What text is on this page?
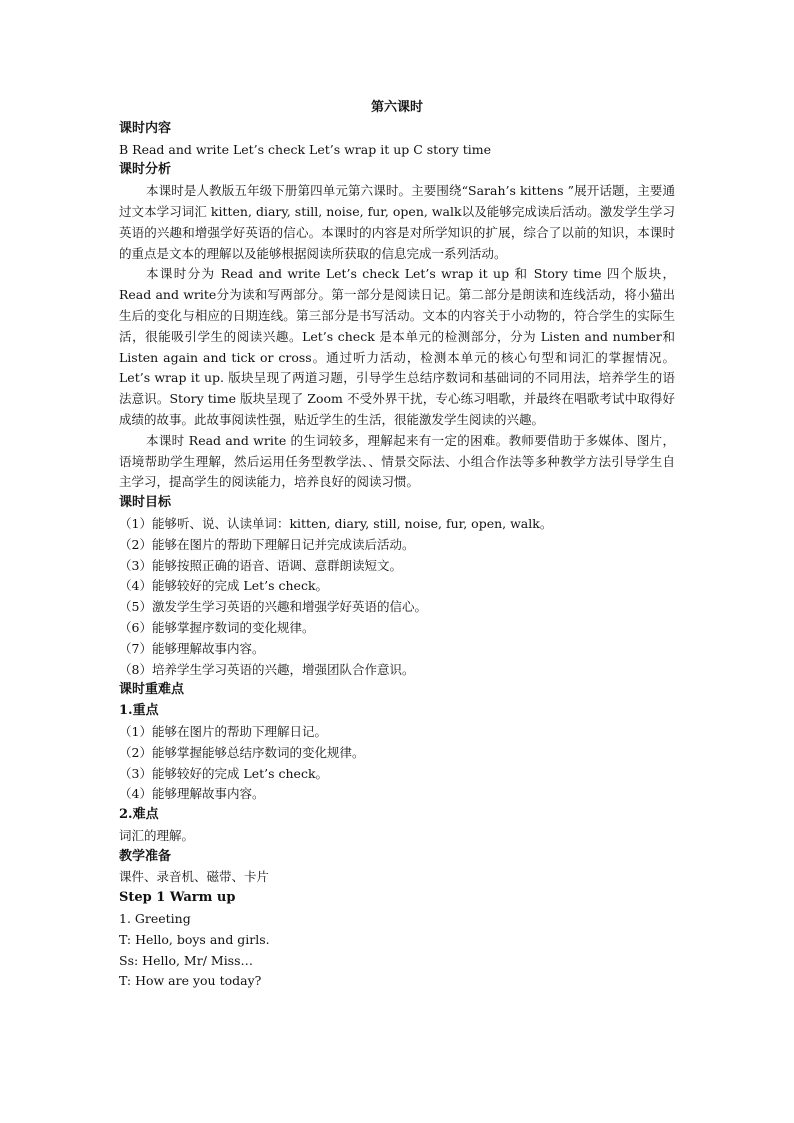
第六课时

课时内容

B Read and write Let’s check Let’s wrap it up C story time

课时分析

本课时是人教版五年级下册第四单元第六课时。主要围绕“Sarah’s kittens ”展开话题，主要通过文本学习词汇 kitten, diary, still, noise, fur, open, walk以及能够完成读后活动。激发学生学习英语的兴趣和增强学好英语的信心。本课时的内容是对所学知识的扩展，综合了以前的知识，本课时的重点是文本的理解以及能够根据阅读所获取的信息完成一系列活动。

本课时分为 Read and write Let’s check Let’s wrap it up 和 Story time 四个版块，Read and write分为读和写两部分。第一部分是阅读日记。第二部分是朗读和连线活动，将小猫出生后的变化与相应的日期连线。第三部分是书写活动。文本的内容关于小动物的，符合学生的实际生活，很能吸引学生的阅读兴趣。Let’s check 是本单元的检测部分，分为 Listen and number和 Listen again and tick or cross。通过听力活动，检测本单元的核心句型和词汇的掌握情况。Let’s wrap it up. 版块呈现了两道习题，引导学生总结序数词和基础词的不同用法，培养学生的语法意识。Story time 版块呈现了 Zoom 不受外界干扰，专心练习唱歌，并最终在唱歌考试中取得好成绩的故事。此故事阅读性强，贴近学生的生活，很能激发学生阅读的兴趣。

本课时 Read and write 的生词较多，理解起来有一定的困难。教师要借助于多媒体、图片，语境帮助学生理解，然后运用任务型教学法、、情景交际法、小组合作法等多种教学方法引导学生自主学习，提高学生的阅读能力，培养良好的阅读习惯。

课时目标

（1）能够听、说、认读单词：kitten, diary, still, noise, fur, open, walk。

（2）能够在图片的帮助下理解日记并完成读后活动。

（3）能够按照正确的语音、语调、意群朗读短文。

（4）能够较好的完成 Let’s check。

（5）激发学生学习英语的兴趣和增强学好英语的信心。

（6）能够掌握序数词的变化规律。

（7）能够理解故事内容。

（8）培养学生学习英语的兴趣，增强团队合作意识。

课时重难点

1.重点

（1）能够在图片的帮助下理解日记。

（2）能够掌握能够总结序数词的变化规律。

（3）能够较好的完成 Let’s check。

（4）能够理解故事内容。

2.难点

词汇的理解。

教学准备

课件、录音机、磁带、卡片

Step 1 Warm up

1. Greeting

T: Hello, boys and girls.

Ss: Hello, Mr/ Miss…

T: How are you today?
